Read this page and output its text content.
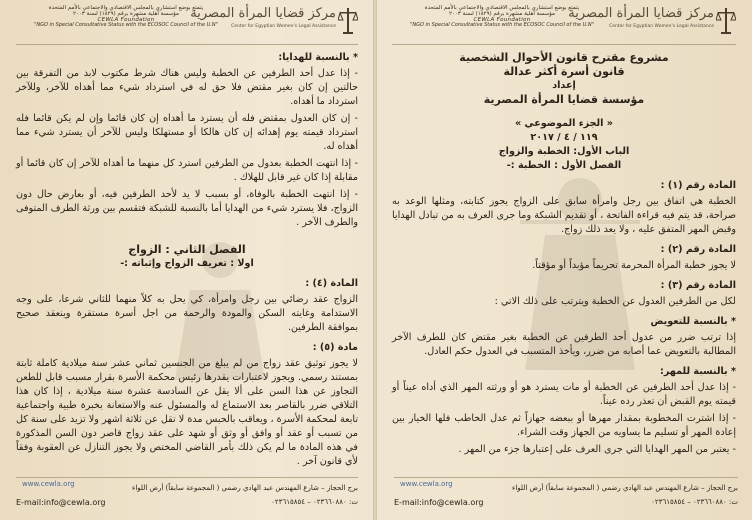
مركز قضايا المرأة المصرية
Center for Egyptian Women's Legal Assistance
يتمتع بوضع استشاري بالمجلس الاقتصادي والاجتماعي بالأمم المتحدة
مؤسسة أهلية مشهرة برقم (١٨٢٩) لسنة ٢٠٠٣
CEWLA Foundation
"NGO in Special Consultative Status with the ECOSOC Council of the U.N"
* بالنسبة للهدايا:

- إذا عدل أحد الطرفين عن الخطبة وليس هناك شرط مكتوب لابد من التفرقة بين حالتين إن كان بغير مقتض فلا حق له في استرداد شيء مما أهداه للآخر، وللآخر استرداد ما أهداه.

- إن كان العدول بمقتض فله أن يسترد ما أهداه إن كان قائما وإن لم يكن قائما فله استرداد قيمته يوم إهدائه إن كان هالكا أو مستهلكا وليس للآخر أن يسترد شيء مما أهداه له.

- إذا انتهت الخطبة بعدول من الطرفين استرد كل منهما ما أهداه للآخر إن كان قائما أو مقابلة إذا كان غير قابل للهلاك .

- إذا انتهت الخطبة بالوفاة، أو بسبب لا يد لأحد الطرفين فيه، أو بعارض حال دون الزواج، فلا يسترد شيء من الهدايا أما بالنسبة للشبكة فتقسم بين ورثة الطرف المتوفى والطرف الآخر .

الفصل الثاني : الزواج
اولا : تعريف الزواج وإثباته :-
المادة (٤) :

الزواج عقد رضائي بين رجل وامرأة، كي يحل به كلاً منهما للثاني شرعا، على وجه الاستدامة وغايته السكن والمودة والرحمة من اجل أسرة مستقرة وينعقد صحيح بموافقة الطرفين.

مادة (٥) :

لا يجوز توثيق عقد زواج من لم يبلغ من الجنسين ثماني عشر سنة ميلادية كاملة ثابتة بمستند رسمي. ويجوز لاعتبارات يقدرها رئيس محكمة الأسرة بقرار مسبب قابل للطعن التجاوز عن هذا السن على ألا يقل عن السادسة عشرة سنة ميلادية ، إذا كان هذا التلاقي ضرر بالقاصر بعد الاستماع له والمسئول عنه والاستعانة بخبرة طبية واجتماعية تابعة لمحكمة الأسرة ، ويعاقب بالحبس مدة لا تقل عن ثلاثة اشهر ولا تزيد على سنة كل من تسبب أو عقد أو وافق أو وثق أو شهد على عقد زواج قاصر دون السن المذكورة في هذه المادة ما لم يكن ذلك بأمر القاضي المختص ولا يجوز التنازل عن العقوبة وفقاً لأي قانون آخر .

www.cewla.org	برج الحجاز – شارع المهندس عبد الهادي رضمي ( المجموعة سابقاً) أرض اللواء
E-mail:info@cewla.org	ت: ٠٢٣٦٦٠٨٨٠ – ٠٢٣٦١٥٨٥٤
مركز قضايا المرأة المصرية
Center for Egyptian Women's Legal Assistance
يتمتع بوضع استشاري بالمجلس الاقتصادي والاجتماعي بالأمم المتحدة
مؤسسة أهلية مشهرة برقم (١٨٢٩) لسنة ٢٠٠٣
CEWLA Foundation
"NGO in Special Consultative Status with the ECOSOC Council of the U.N"
مشروع مقترح قانون الأحوال الشخصية
قانون أسرة أكثر عدالة
إعداد
مؤسسة قضايا المرأة المصرية
« الجزء الموضوعي »
١١٩ / ٤ / ٢٠١٧
الباب الأول: الخطبة والزواج
الفصل الأول : الخطبة :-
المادة رقم (١) :

الخطبة هي اتفاق بين رجل وامرأة سابق على الزواج يجوز كتابته، ومثلها الوعد به صراحة، قد يتم فيه قراءة الفاتحة ، أو تقديم الشبكة وما جرى العرف به من تبادل الهدايا وقبض المهر المتفق عليه ، ولا يعد ذلك زواج.

المادة رقم (٢) :

لا يجوز خطبة المرأة المحرمة تحريماً مؤبداً أو مؤقتاً.

المادة رقم (٣) :

لكل من الطرفين العدول عن الخطبة ويترتب على ذلك الاتي :

* بالنسبة للتعويض

إذا ترتب ضرر من عدول أحد الطرفين عن الخطبة بغير مقتض كان للطرف الآخر المطالبة بالتعويض عما أصابه من ضرر، ويأخذ المتسبب في العدول حكم العادل.

* بالنسبة للمهر:

- إذا عدل أحد الطرفين عن الخطبة أو مات يسترد هو أو ورثته المهر الذي أداه عيناً أو قيمته يوم القبض أن تعذر رده عيناً.

- إذا اشترت المخطوبة بمقدار مهرها أو ببعضه جهازاً ثم عدل الخاطب فلها الخيار بين إعادة المهر أو تسليم ما يساويه من الجهاز وقت الشراء.

- يعتبر من المهر الهدايا التي جرى العرف على إعتبارها جزء من المهر .

www.cewla.org	برج الحجاز – شارع المهندس عبد الهادي رضمي ( المجموعة سابقاً) أرض اللواء
E-mail:info@cewla.org	ت: ٠٢٣٦٦٠٨٨٠ – ٠٢٣٦١٥٨٥٤
